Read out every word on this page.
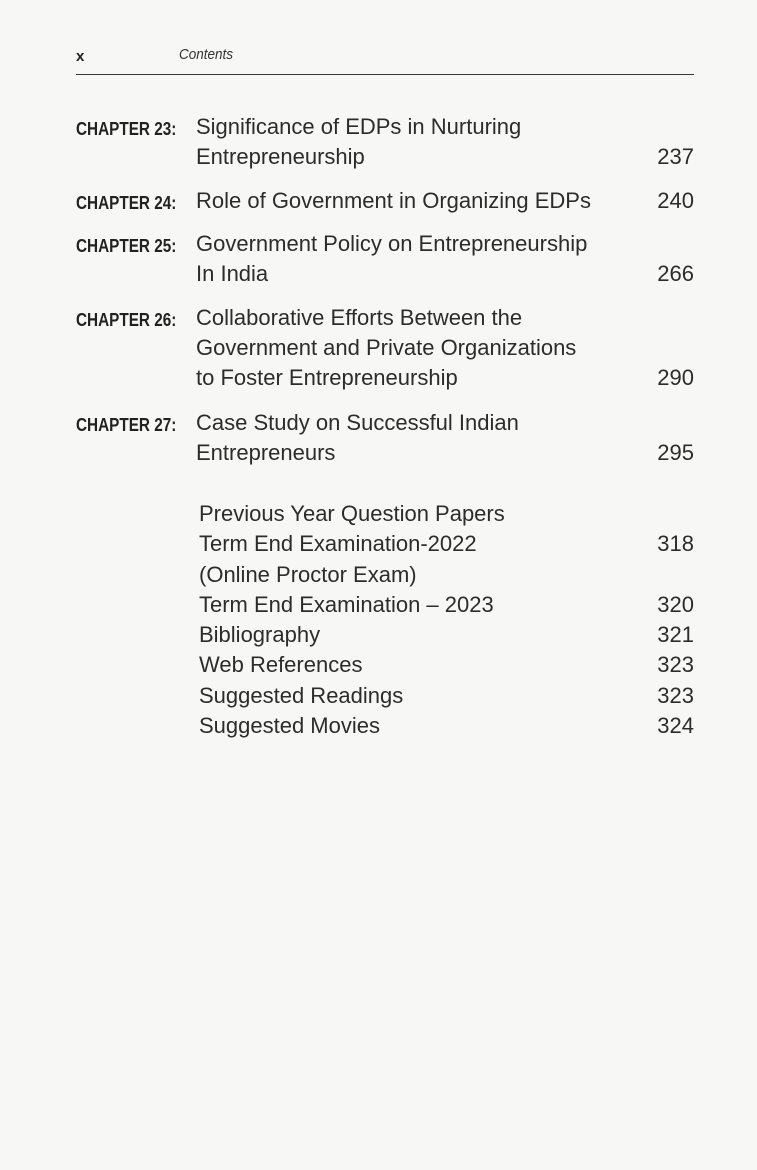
x	Contents
CHAPTER 23: Significance of EDPs in Nurturing
Entrepreneurship	237
CHAPTER 24: Role of Government in Organizing EDPs	240
CHAPTER 25: Government Policy on Entrepreneurship
In India	266
CHAPTER 26: Collaborative Efforts Between the
Government and Private Organizations
to Foster Entrepreneurship	290
CHAPTER 27: Case Study on Successful Indian
Entrepreneurs	295
Previous Year Question Papers
Term End Examination-2022	318
(Online Proctor Exam)
Term End Examination – 2023	320
Bibliography	321
Web References	323
Suggested Readings	323
Suggested Movies	324
